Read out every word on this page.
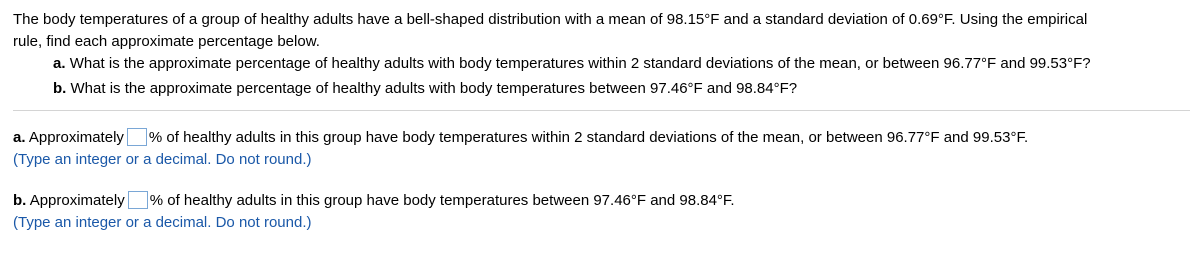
The body temperatures of a group of healthy adults have a bell-shaped distribution with a mean of 98.15°F and a standard deviation of 0.69°F. Using the empirical
rule, find each approximate percentage below.
a. What is the approximate percentage of healthy adults with body temperatures within 2 standard deviations of the mean, or between 96.77°F and 99.53°F?
b. What is the approximate percentage of healthy adults with body temperatures between 97.46°F and 98.84°F?
a. Approximately % of healthy adults in this group have body temperatures within 2 standard deviations of the mean, or between 96.77°F and 99.53°F.
(Type an integer or a decimal. Do not round.)
b. Approximately % of healthy adults in this group have body temperatures between 97.46°F and 98.84°F.
(Type an integer or a decimal. Do not round.)
